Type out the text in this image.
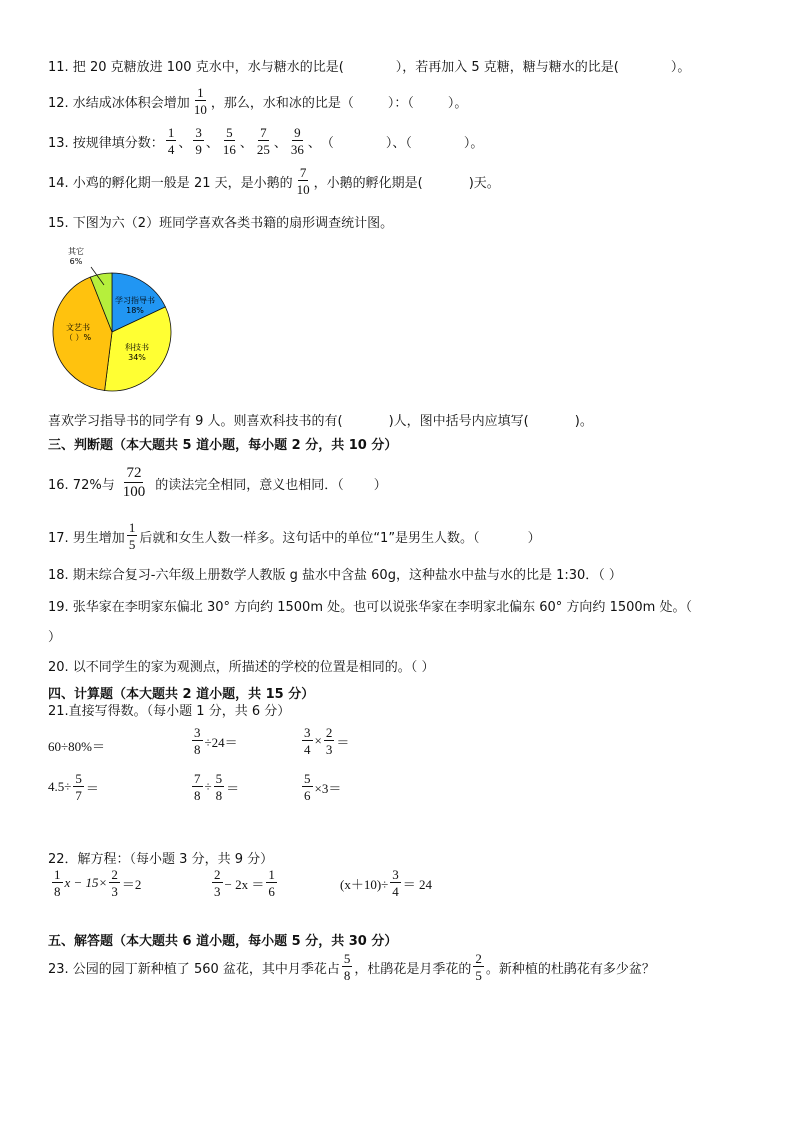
11. 把 20 克糖放进 100 克水中，水与糖水的比是(	），若再加入 5 克糖，糖与糖水的比是(	）。
12. 水结成冰体积会增加 $\frac{1}{10}$ ，那么，水和冰的比是（	）：（	）。
13. 按规律填分数： $\frac{1}{4}$ 、 $\frac{3}{9}$ 、 $\frac{5}{16}$ 、 $\frac{7}{25}$ 、 $\frac{9}{36}$ 、 （	）、（	）。
14. 小鸡的孵化期一般是 21 天，是小鹅的 $\frac{7}{10}$ ，小鹅的孵化期是(	)天。
15. 下图为六（2）班同学喜欢各类书籍的扇形调查统计图。
其它
6%
学习指导书
18%
科技书
34%
文艺书
（ ）%
喜欢学习指导书的同学有 9 人。则喜欢科技书的有(	)人，图中括号内应填写(	)。
三、判断题（本大题共 5 道小题，每小题 2 分，共 10 分）
16. 72%与 $\frac{72}{100}$ 的读法完全相同，意义也相同．（ ）
17. 男生增加 $\frac{1}{5}$ 后就和女生人数一样多。这句话中的单位“1”是男生人数。（	）
18. 期末综合复习-六年级上册数学人教版 g 盐水中含盐 60g，这种盐水中盐与水的比是 1:30．（ ）
19. 张华家在李明家东偏北 30° 方向约 1500m 处。也可以说张华家在李明家北偏东 60° 方向约 1500m 处。（
）
20. 以不同学生的家为观测点，所描述的学校的位置是相同的。（ ）
四、计算题（本大题共 2 道小题，共 15 分）
21.直接写得数。（每小题 1 分，共 6 分）
60÷80%＝	$\frac{3}{8} \div 24=$	$\frac{3}{4} \times \frac{2}{3}$ ＝
$4.5\div \frac{5}{7}$ ＝	$\frac{7}{8} \div \frac{5}{8}$ ＝	$\frac{5}{6} \times 3=$
22．解方程：（每小题 3 分，共 9 分）
$\frac{1}{8}$ $x - 15\times \frac{2}{3} =2$	$\frac{2}{3} - 2x = \frac{1}{6}$	$(x+10)\div \frac{3}{4} = 24$
五、解答题（本大题共 6 道小题，每小题 5 分，共 30 分）
23. 公园的园丁新种植了 560 盆花，其中月季花占 $\frac{5}{8}$ ，杜鹃花是月季花的 $\frac{2}{5}$ 。新种植的杜鹃花有多少盆？
